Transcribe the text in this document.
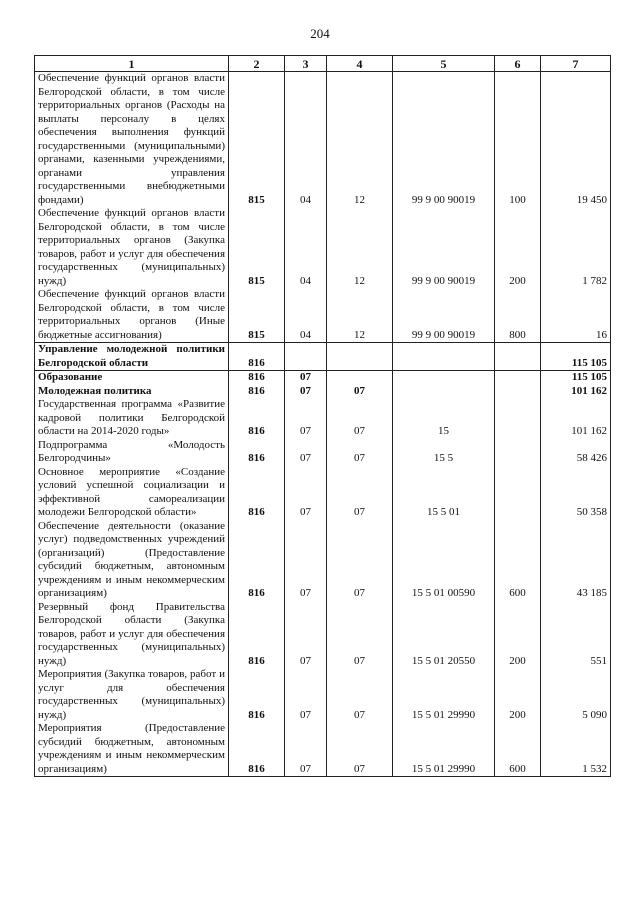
204
1	2	3	4	5	6	7
Обеспечение функций органов власти Белгородской области, в том числе территориальных органов (Расходы на выплаты персоналу в целях обеспечения выполнения функций государственными (муниципальными) органами, казенными учреждениями, органами управления государственными внебюджетными фондами)	815	04	12	99 9 00 90019	100	19 450
Обеспечение функций органов власти Белгородской области, в том числе территориальных органов (Закупка товаров, работ и услуг для обеспечения государственных (муниципальных) нужд)	815	04	12	99 9 00 90019	200	1 782
Обеспечение функций органов власти Белгородской области, в том числе территориальных органов (Иные бюджетные ассигнования)	815	04	12	99 9 00 90019	800	16
Управление молодежной политики Белгородской области	816					115 105
Образование	816	07				115 105
Молодежная политика	816	07	07			101 162
Государственная программа «Развитие кадровой политики Белгородской области на 2014-2020 годы»	816	07	07	15		101 162
Подпрограмма «Молодость Белгородчины»	816	07	07	15 5		58 426
Основное мероприятие «Создание условий успешной социализации и эффективной самореализации молодежи Белгородской области»	816	07	07	15 5 01		50 358
Обеспечение деятельности (оказание услуг) подведомственных учреждений (организаций) (Предоставление субсидий бюджетным, автономным учреждениям и иным некоммерческим организациям)	816	07	07	15 5 01 00590	600	43 185
Резервный фонд Правительства Белгородской области (Закупка товаров, работ и услуг для обеспечения государственных (муниципальных) нужд)	816	07	07	15 5 01 20550	200	551
Мероприятия (Закупка товаров, работ и услуг для обеспечения государственных (муниципальных) нужд)	816	07	07	15 5 01 29990	200	5 090
Мероприятия (Предоставление субсидий бюджетным, автономным учреждениям и иным некоммерческим организациям)	816	07	07	15 5 01 29990	600	1 532
